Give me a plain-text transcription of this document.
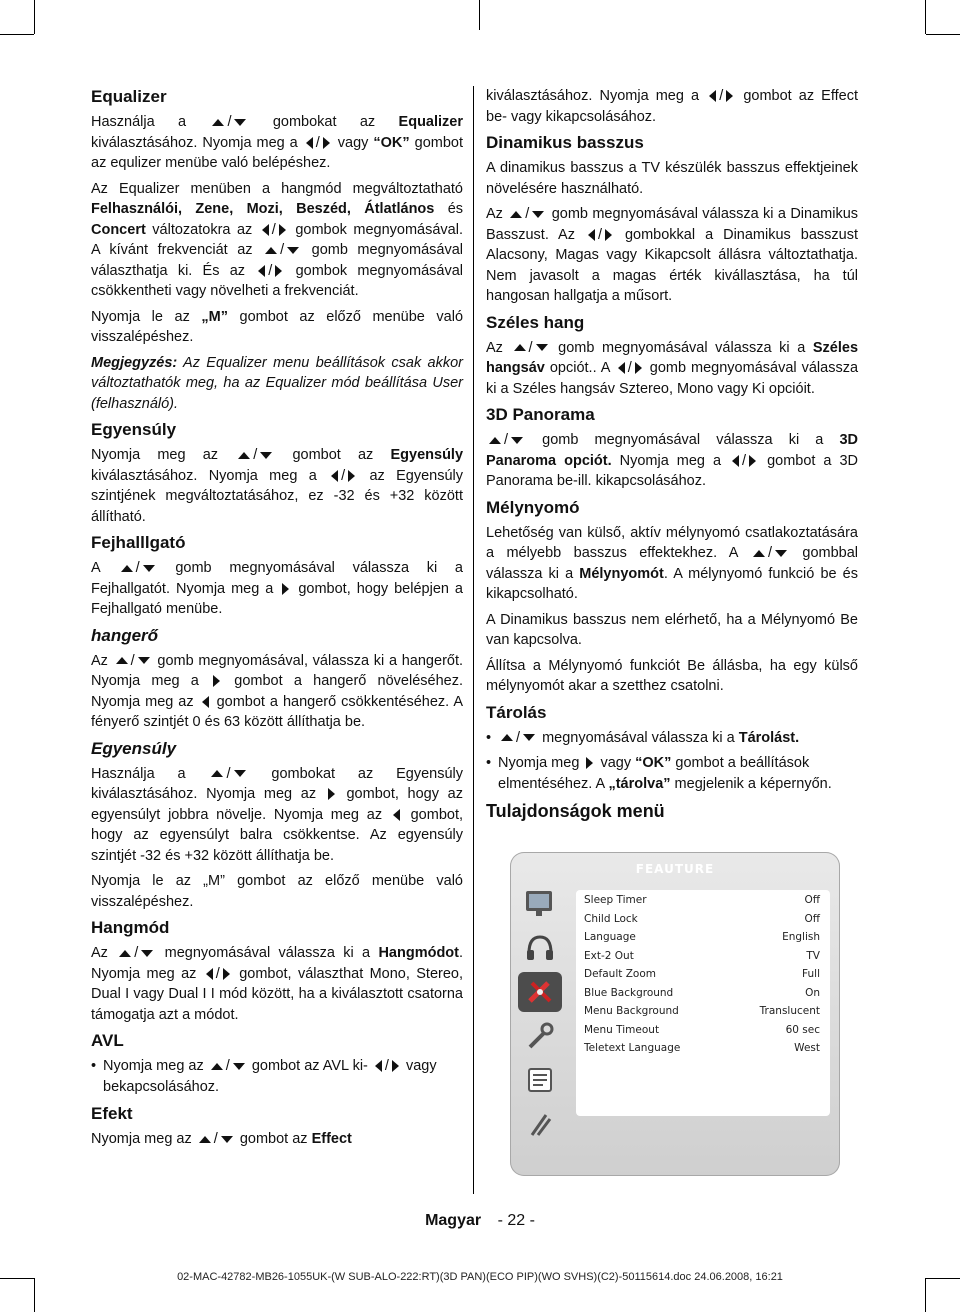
Equalizer

Használja a	/	gombokat az Equalizer kiválasztásához. Nyomja meg a / vagy “OK” gombot az equlizer menübe való belépéshez.

Az Equalizer menüben a hangmód megváltoztatható Felhasználói, Zene, Mozi, Beszéd, Átlatlános és Concert változatokra az / gombok megnyomásával. A kívánt frekvenciát az / gomb megnyomásával választhatja ki. És az / gombok megnyomásával csökkentheti vagy növelheti a frekvenciát.

Nyomja le az „M” gombot az előző menübe való visszalépéshez.

Megjegyzés: Az Equalizer menu beállítások csak akkor változtathatók meg, ha az Equalizer mód beállítása User (felhasználó).

Egyensúly

Nyomja meg az / gombot az Egyensúly kiválasztásához. Nyomja meg a / az Egyensúly szintjének megváltoztatásához, ez -32 és +32 között állítható.

Fejhalllgató

A / gomb megnyomásával válassza ki a Fejhallgatót. Nyomja meg a gombot, hogy belépjen a Fejhallgató menübe.

hangerő

Az / gomb megnyomásával, válassza ki a hangerőt. Nyomja meg a gombot a hangerő növeléséhez. Nyomja meg az gombot a hangerő csökkentéséhez. A fényerő szintjét 0 és 63 között állíthatja be.

Egyensúly

Használja a	/	gombokat az Egyensúly kiválasztásához. Nyomja meg az gombot, hogy az egyensúlyt jobbra növelje. Nyomja meg az gombot, hogy az egyensúlyt balra csökkentse. Az egyensúly szintjét -32 és +32 között állíthatja be.

Nyomja le az „M” gombot az előző menübe való visszalépéshez.

Hangmód

Az / megnyomásával válassza ki a Hangmódot. Nyomja meg az / gombot, választhat Mono, Stereo, Dual I vagy Dual I I mód között, ha a kiválasztott csatorna támogatja azt a módot.

AVL
• Nyomja meg az / gombot az AVL ki- / vagy bekapcsolásához.
Efekt

Nyomja meg az / gombot az Effect

kiválasztásához. Nyomja meg a / gombot az Effect be- vagy kikapcsolásához.

Dinamikus basszus

A dinamikus basszus a TV készülék basszus effektjeinek növelésére használható.

Az / gomb megnyomásával válassza ki a Dinamikus Basszust. Az / gombokkal a Dinamikus basszust Alacsony, Magas vagy Kikapcsolt állásra változtathatja. Nem javasolt a magas érték kivállasztása, ha túl hangosan hallgatja a műsort.

Széles hang

Az / gomb megnyomásával válassza ki a Széles hangsáv opciót.. A / gomb megnyomásával válassza ki a Széles hangsáv Sztereo, Mono vagy Ki opcióit.

3D Panorama

/ gomb megnyomásával válassza ki a 3D Panaroma opciót. Nyomja meg a / gombot a 3D Panorama be-ill. kikapcsolásához.

Mélynyomó

Lehetőség van külső, aktív mélynyomó csatlakoztatására a mélyebb basszus effektekhez. A / gombbal válassza ki a Mélynyomót. A mélynyomó funkció be és kikapcsolható.

A Dinamikus basszus nem elérhető, ha a Mélynyomó Be van kapcsolva.

Állítsa a Mélynyomó funkciót Be állásba, ha egy külső mélynyomót akar a szetthez csatolni.

Tárolás
• / megnyomásával válassza ki a Tárolást.
• Nyomja meg vagy “OK” gombot a beállítások elmentéséhez. A „tárolva” megjelenik a képernyőn.
Tulajdonságok menü
FEAUTURE
Sleep Timer	Off
Child Lock	Off
Language	English
Ext-2 Out	TV
Default Zoom	Full
Blue Background	On
Menu Background	Translucent
Menu Timeout	60 sec
Teletext Language	West
Magyar - 22 -
02-MAC-42782-MB26-1055UK-(W SUB-ALO-222:RT)(3D PAN)(ECO PIP)(WO SVHS)(C2)-50115614.doc 24.06.2008, 16:21
